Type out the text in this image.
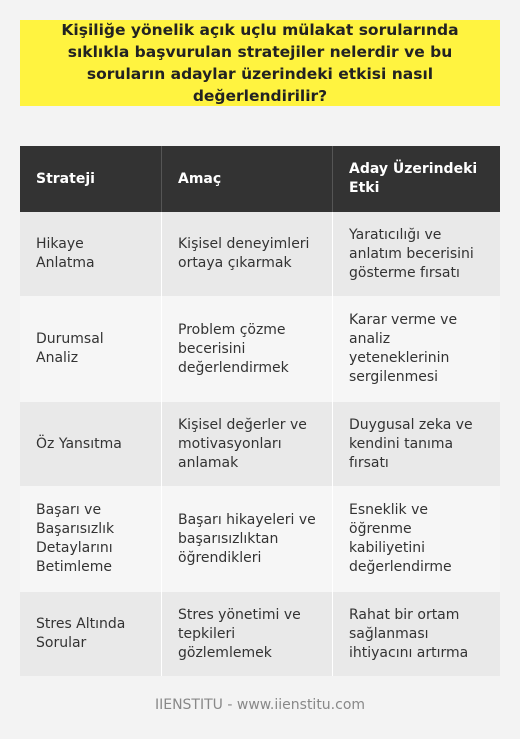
Kişiliğe yönelik açık uçlu mülakat sorularında sıklıkla başvurulan stratejiler nelerdir ve bu soruların adaylar üzerindeki etkisi nasıl değerlendirilir?
Strateji	Amaç
Aday Üzerindeki Etki
Hikaye Anlatma
Kişisel deneyimleri ortaya çıkarmak
Yaratıcılığı ve anlatım becerisini gösterme fırsatı
Durumsal Analiz
Problem çözme becerisini değerlendirmek
Karar verme ve analiz yeteneklerinin sergilenmesi
Öz Yansıtma
Kişisel değerler ve motivasyonları anlamak
Duygusal zeka ve kendini tanıma fırsatı
Başarı ve Başarısızlık Detaylarını Betimleme
Başarı hikayeleri ve başarısızlıktan öğrendikleri
Esneklik ve öğrenme kabiliyetini değerlendirme
Stres Altında Sorular
Stres yönetimi ve tepkileri gözlemlemek
Rahat bir ortam sağlanması ihtiyacını artırma
IIENSTITU - www.iienstitu.com
